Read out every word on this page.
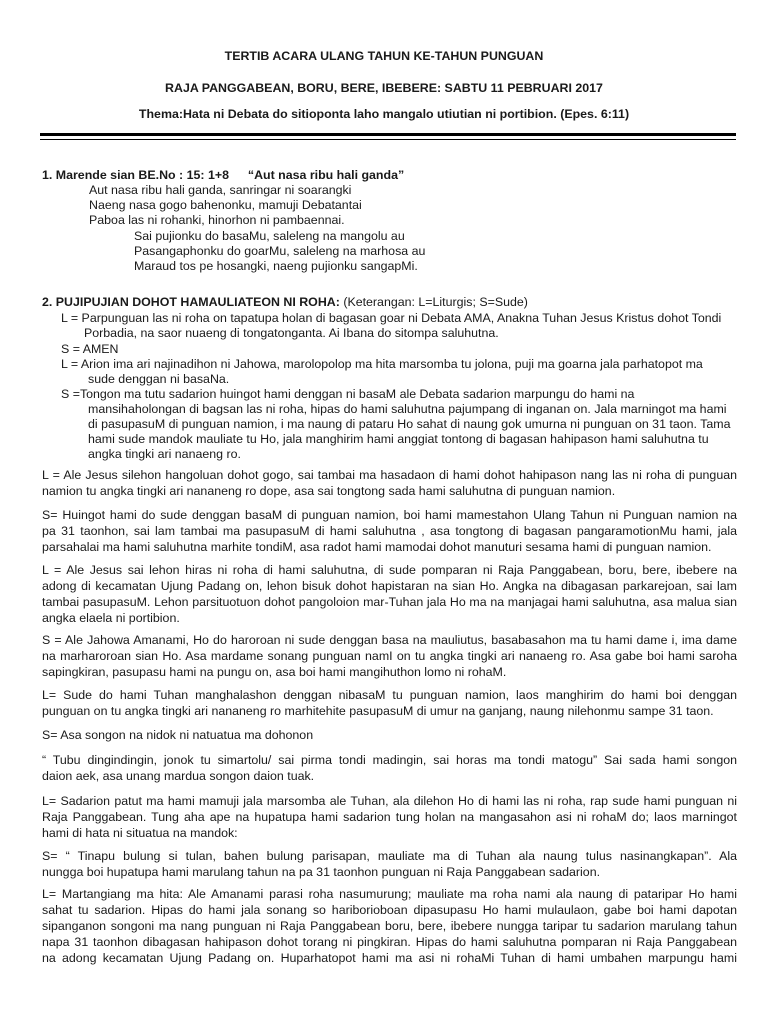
TERTIB ACARA ULANG TAHUN KE-TAHUN PUNGUAN
RAJA PANGGABEAN, BORU, BERE, IBEBERE: SABTU 11 PEBRUARI 2017
Thema:Hata ni Debata do sitioponta laho mangalo utiutian ni portibion. (Epes. 6:11)
1. Marende sian BE.No : 15: 1+8 “Aut nasa ribu hali ganda”
Aut nasa ribu hali ganda, sanringar ni soarangki
Naeng nasa gogo bahenonku, mamuji Debatantai
Paboa las ni rohanki, hinorhon ni pambaennai.
Sai pujionku do basaMu, saleleng na mangolu au
Pasangaphonku do goarMu, saleleng na marhosa au
Maraud tos pe hosangki, naeng pujionku sangapMi.
2. PUJIPUJIAN DOHOT HAMAULIATEON NI ROHA: (Keterangan: L=Liturgis; S=Sude)
L = Parpunguan las ni roha on tapatupa holan di bagasan goar ni Debata AMA, Anakna Tuhan Jesus Kristus dohot Tondi
Porbadia, na saor nuaeng di tongatonganta. Ai Ibana do sitompa saluhutna.
S = AMEN
L = Arion ima ari najinadihon ni Jahowa, marolopolop ma hita marsomba tu jolona, puji ma goarna jala parhatopot ma
sude denggan ni basaNa.
S =Tongon ma tutu sadarion huingot hami denggan ni basaM ale Debata sadarion marpungu do hami na
mansihaholongan di bagsan las ni roha, hipas do hami saluhutna pajumpang di inganan on. Jala marningot ma hami
di pasupasuM di punguan namion, i ma naung di pataru Ho sahat di naung gok umurna ni punguan on 31 taon. Tama
hami sude mandok mauliate tu Ho, jala manghirim hami anggiat tontong di bagasan hahipason hami saluhutna tu
angka tingki ari nanaeng ro.
L = Ale Jesus silehon hangoluan dohot gogo, sai tambai ma hasadaon di hami dohot hahipason nang las ni roha di punguan
namion tu angka tingki ari nananeng ro dope, asa sai tongtong sada hami saluhutna di punguan namion.
S= Huingot hami do sude denggan basaM di punguan namion, boi hami mamestahon Ulang Tahun ni Punguan namion na
pa 31 taonhon, sai lam tambai ma pasupasuM di hami saluhutna , asa tongtong di bagasan pangaramotionMu hami, jala
parsahalai ma hami saluhutna marhite tondiM, asa radot hami mamodai dohot manuturi sesama hami di punguan namion.
L = Ale Jesus sai lehon hiras ni roha di hami saluhutna, di sude pomparan ni Raja Panggabean, boru, bere, ibebere na
adong di kecamatan Ujung Padang on, lehon bisuk dohot hapistaran na sian Ho. Angka na dibagasan parkarejoan, sai lam
tambai pasupasuM. Lehon parsituotuon dohot pangoloion mar-Tuhan jala Ho ma na manjagai hami saluhutna, asa malua sian
angka elaela ni portibion.
S = Ale Jahowa Amanami, Ho do haroroan ni sude denggan basa na mauliutus, basabasahon ma tu hami dame i, ima dame
na marharoroan sian Ho. Asa mardame sonang punguan namI on tu angka tingki ari nanaeng ro. Asa gabe boi hami saroha
sapingkiran, pasupasu hami na pungu on, asa boi hami mangihuthon lomo ni rohaM.
L= Sude do hami Tuhan manghalashon denggan nibasaM tu punguan namion, laos manghirim do hami boi denggan
punguan on tu angka tingki ari nananeng ro marhitehite pasupasuM di umur na ganjang, naung nilehonmu sampe 31 taon.
S= Asa songon na nidok ni natuatua ma dohonon
“ Tubu dingindingin, jonok tu simartolu/ sai pirma tondi madingin, sai horas ma tondi matogu” Sai sada hami songon
daion aek, asa unang mardua songon daion tuak.
L= Sadarion patut ma hami mamuji jala marsomba ale Tuhan, ala dilehon Ho di hami las ni roha, rap sude hami punguan ni
Raja Panggabean. Tung aha ape na hupatupa hami sadarion tung holan na mangasahon asi ni rohaM do; laos marningot
hami di hata ni situatua na mandok:
S= “ Tinapu bulung si tulan, bahen bulung parisapan, mauliate ma di Tuhan ala naung tulus nasinangkapan”. Ala
nungga boi hupatupa hami marulang tahun na pa 31 taonhon punguan ni Raja Panggabean sadarion.
L= Martangiang ma hita: Ale Amanami parasi roha nasumurung; mauliate ma roha nami ala naung di pataripar Ho hami
sahat tu sadarion. Hipas do hami jala sonang so hariborioboan dipasupasu Ho hami mulaulaon, gabe boi hami dapotan
sipanganon songoni ma nang punguan ni Raja Panggabean boru, bere, ibebere nungga taripar tu sadarion marulang tahun
napa 31 taonhon dibagasan hahipason dohot torang ni pingkiran. Hipas do hami saluhutna pomparan ni Raja Panggabean
na adong kecamatan Ujung Padang on. Huparhatopot hami ma asi ni rohaMi Tuhan di hami umbahen marpungu hami
